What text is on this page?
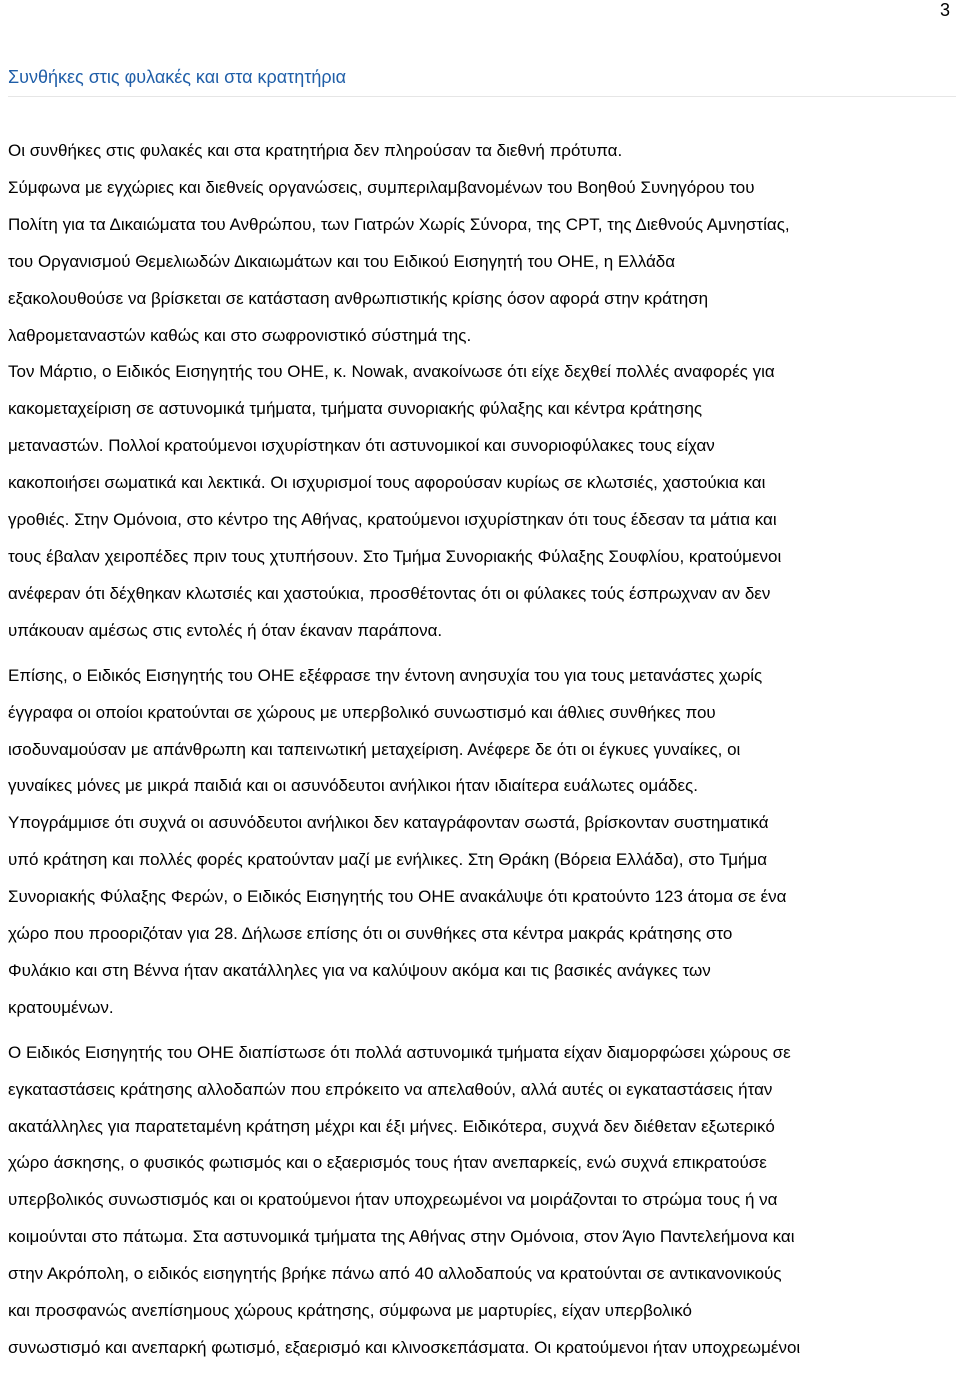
3
Συνθήκες στις φυλακές και στα κρατητήρια
Οι συνθήκες στις φυλακές και στα κρατητήρια δεν πληρούσαν τα διεθνή πρότυπα.
Σύμφωνα με εγχώριες και διεθνείς οργανώσεις, συμπεριλαμβανομένων του Βοηθού Συνηγόρου του
Πολίτη για τα Δικαιώματα του Ανθρώπου, των Γιατρών Χωρίς Σύνορα, της CPT, της Διεθνούς Αμνηστίας,
του Οργανισμού Θεμελιωδών Δικαιωμάτων και του Ειδικού Εισηγητή του ΟΗΕ, η Ελλάδα
εξακολουθούσε να βρίσκεται σε κατάσταση ανθρωπιστικής κρίσης όσον αφορά στην κράτηση
λαθρομεταναστών καθώς και στο σωφρονιστικό σύστημά της.
Τον Μάρτιο, ο Ειδικός Εισηγητής του ΟΗΕ, κ. Nowak, ανακοίνωσε ότι είχε δεχθεί πολλές αναφορές για
κακομεταχείριση σε αστυνομικά τμήματα, τμήματα συνοριακής φύλαξης και κέντρα κράτησης
μεταναστών. Πολλοί κρατούμενοι ισχυρίστηκαν ότι αστυνομικοί και συνοριοφύλακες τους είχαν
κακοποιήσει σωματικά και λεκτικά. Οι ισχυρισμοί τους αφορούσαν κυρίως σε κλωτσιές, χαστούκια και
γροθιές. Στην Ομόνοια, στο κέντρο της Αθήνας, κρατούμενοι ισχυρίστηκαν ότι τους έδεσαν τα μάτια και
τους έβαλαν χειροπέδες πριν τους χτυπήσουν. Στο Τμήμα Συνοριακής Φύλαξης Σουφλίου, κρατούμενοι
ανέφεραν ότι δέχθηκαν κλωτσιές και χαστούκια, προσθέτοντας ότι οι φύλακες τούς έσπρωχναν αν δεν
υπάκουαν αμέσως στις εντολές ή όταν έκαναν παράπονα.
Επίσης, ο Ειδικός Εισηγητής του ΟΗΕ εξέφρασε την έντονη ανησυχία του για τους μετανάστες χωρίς
έγγραφα οι οποίοι κρατούνται σε χώρους με υπερβολικό συνωστισμό και άθλιες συνθήκες που
ισοδυναμούσαν με απάνθρωπη και ταπεινωτική μεταχείριση. Ανέφερε δε ότι οι έγκυες γυναίκες, οι
γυναίκες μόνες με μικρά παιδιά και οι ασυνόδευτοι ανήλικοι ήταν ιδιαίτερα ευάλωτες ομάδες.
Υπογράμμισε ότι συχνά οι ασυνόδευτοι ανήλικοι δεν καταγράφονταν σωστά, βρίσκονταν συστηματικά
υπό κράτηση και πολλές φορές κρατούνταν μαζί με ενήλικες. Στη Θράκη (Βόρεια Ελλάδα), στο Τμήμα
Συνοριακής Φύλαξης Φερών, ο Ειδικός Εισηγητής του ΟΗΕ ανακάλυψε ότι κρατούντο 123 άτομα σε ένα
χώρο που προοριζόταν για 28. Δήλωσε επίσης ότι οι συνθήκες στα κέντρα μακράς κράτησης στο
Φυλάκιο και στη Βέννα ήταν ακατάλληλες για να καλύψουν ακόμα και τις βασικές ανάγκες των
κρατουμένων.
Ο Ειδικός Εισηγητής του ΟΗΕ διαπίστωσε ότι πολλά αστυνομικά τμήματα είχαν διαμορφώσει χώρους σε
εγκαταστάσεις κράτησης αλλοδαπών που επρόκειτο να απελαθούν, αλλά αυτές οι εγκαταστάσεις ήταν
ακατάλληλες για παρατεταμένη κράτηση μέχρι και έξι μήνες. Ειδικότερα, συχνά δεν διέθεταν εξωτερικό
χώρο άσκησης, ο φυσικός φωτισμός και ο εξαερισμός τους ήταν ανεπαρκείς, ενώ συχνά επικρατούσε
υπερβολικός συνωστισμός και οι κρατούμενοι ήταν υποχρεωμένοι να μοιράζονται το στρώμα τους ή να
κοιμούνται στο πάτωμα. Στα αστυνομικά τμήματα της Αθήνας στην Ομόνοια, στον Άγιο Παντελεήμονα και
στην Ακρόπολη, ο ειδικός εισηγητής βρήκε πάνω από 40 αλλοδαπούς να κρατούνται σε αντικανονικούς
και προσφανώς ανεπίσημους χώρους κράτησης, σύμφωνα με μαρτυρίες, είχαν υπερβολικό
συνωστισμό και ανεπαρκή φωτισμό, εξαερισμό και κλινοσκεπάσματα. Οι κρατούμενοι ήταν υποχρεωμένοι
